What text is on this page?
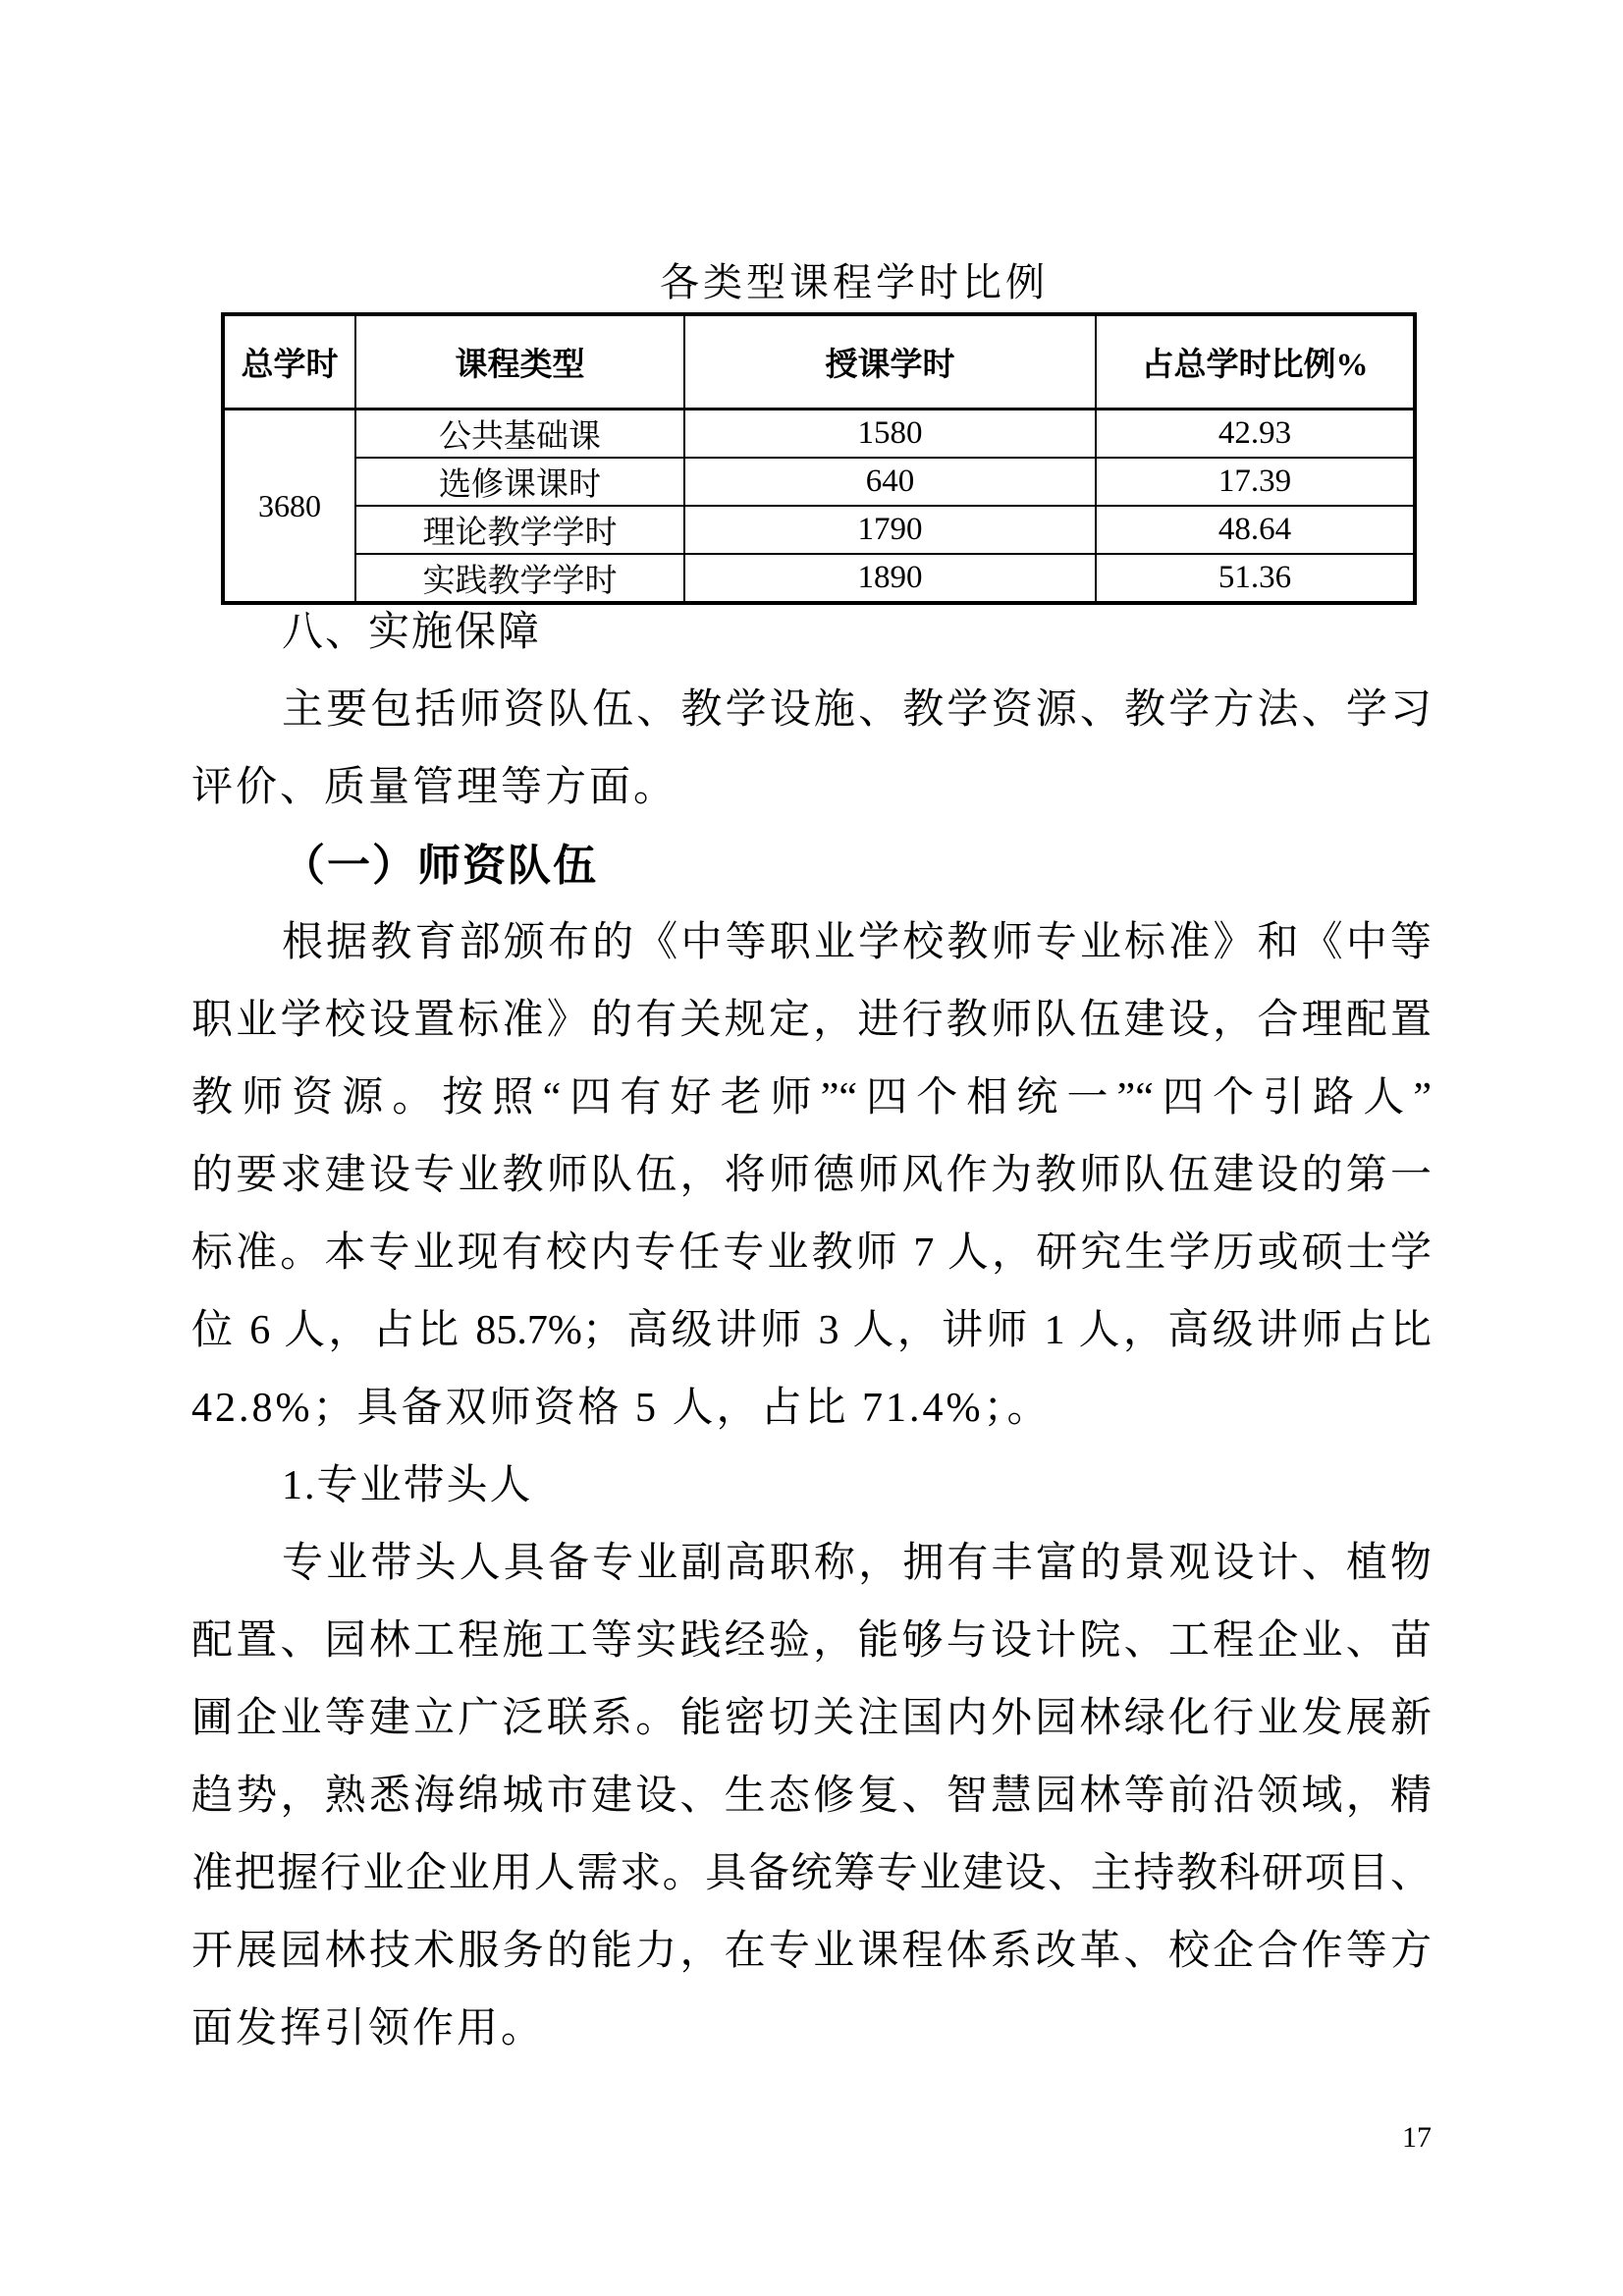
各类型课程学时比例
总学时	课程类型	授课学时	占总学时比例%
3680	公共基础课	1580	42.93
	选修课课时	640	17.39
	理论教学学时	1790	48.64
	实践教学学时	1890	51.36
八、实施保障
主要包括师资队伍、教学设施、教学资源、教学方法、学习
评价、质量管理等方面。
（一）师资队伍
根据教育部颁布的《中等职业学校教师专业标准》和《中等
职业学校设置标准》的有关规定，进行教师队伍建设，合理配置
教师资源。按照“四有好老师”“四个相统一”“四个引路人”
的要求建设专业教师队伍，将师德师风作为教师队伍建设的第一
标准。本专业现有校内专任专业教师 7 人，研究生学历或硕士学
位 6 人，占比 85.7%；高级讲师 3 人，讲师 1 人，高级讲师占比
42.8%；具备双师资格 5 人，占比 71.4%；。
1.专业带头人
专业带头人具备专业副高职称，拥有丰富的景观设计、植物
配置、园林工程施工等实践经验，能够与设计院、工程企业、苗
圃企业等建立广泛联系。能密切关注国内外园林绿化行业发展新
趋势，熟悉海绵城市建设、生态修复、智慧园林等前沿领域，精
准把握行业企业用人需求。具备统筹专业建设、主持教科研项目、
开展园林技术服务的能力，在专业课程体系改革、校企合作等方
面发挥引领作用。
17
